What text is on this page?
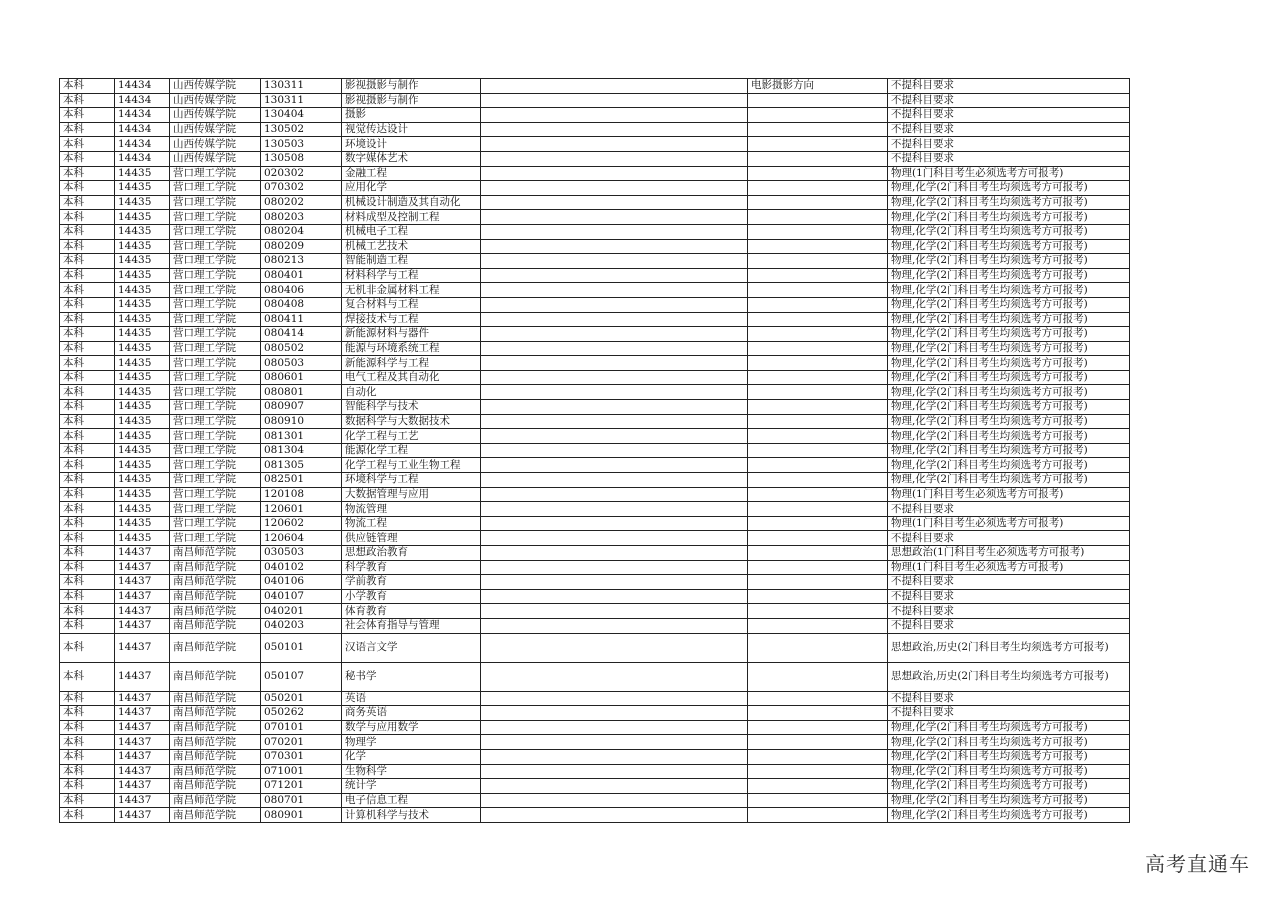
本科	14434	山西传媒学院	130311	影视摄影与制作		电影摄影方向	不提科目要求
本科	14434	山西传媒学院	130311	影视摄影与制作			不提科目要求
本科	14434	山西传媒学院	130404	摄影			不提科目要求
本科	14434	山西传媒学院	130502	视觉传达设计			不提科目要求
本科	14434	山西传媒学院	130503	环境设计			不提科目要求
本科	14434	山西传媒学院	130508	数字媒体艺术			不提科目要求
本科	14435	营口理工学院	020302	金融工程			物理(1门科目考生必须选考方可报考)
本科	14435	营口理工学院	070302	应用化学			物理,化学(2门科目考生均须选考方可报考)
本科	14435	营口理工学院	080202	机械设计制造及其自动化			物理,化学(2门科目考生均须选考方可报考)
本科	14435	营口理工学院	080203	材料成型及控制工程			物理,化学(2门科目考生均须选考方可报考)
本科	14435	营口理工学院	080204	机械电子工程			物理,化学(2门科目考生均须选考方可报考)
本科	14435	营口理工学院	080209	机械工艺技术			物理,化学(2门科目考生均须选考方可报考)
本科	14435	营口理工学院	080213	智能制造工程			物理,化学(2门科目考生均须选考方可报考)
本科	14435	营口理工学院	080401	材料科学与工程			物理,化学(2门科目考生均须选考方可报考)
本科	14435	营口理工学院	080406	无机非金属材料工程			物理,化学(2门科目考生均须选考方可报考)
本科	14435	营口理工学院	080408	复合材料与工程			物理,化学(2门科目考生均须选考方可报考)
本科	14435	营口理工学院	080411	焊接技术与工程			物理,化学(2门科目考生均须选考方可报考)
本科	14435	营口理工学院	080414	新能源材料与器件			物理,化学(2门科目考生均须选考方可报考)
本科	14435	营口理工学院	080502	能源与环境系统工程			物理,化学(2门科目考生均须选考方可报考)
本科	14435	营口理工学院	080503	新能源科学与工程			物理,化学(2门科目考生均须选考方可报考)
本科	14435	营口理工学院	080601	电气工程及其自动化			物理,化学(2门科目考生均须选考方可报考)
本科	14435	营口理工学院	080801	自动化			物理,化学(2门科目考生均须选考方可报考)
本科	14435	营口理工学院	080907	智能科学与技术			物理,化学(2门科目考生均须选考方可报考)
本科	14435	营口理工学院	080910	数据科学与大数据技术			物理,化学(2门科目考生均须选考方可报考)
本科	14435	营口理工学院	081301	化学工程与工艺			物理,化学(2门科目考生均须选考方可报考)
本科	14435	营口理工学院	081304	能源化学工程			物理,化学(2门科目考生均须选考方可报考)
本科	14435	营口理工学院	081305	化学工程与工业生物工程			物理,化学(2门科目考生均须选考方可报考)
本科	14435	营口理工学院	082501	环境科学与工程			物理,化学(2门科目考生均须选考方可报考)
本科	14435	营口理工学院	120108	大数据管理与应用			物理(1门科目考生必须选考方可报考)
本科	14435	营口理工学院	120601	物流管理			不提科目要求
本科	14435	营口理工学院	120602	物流工程			物理(1门科目考生必须选考方可报考)
本科	14435	营口理工学院	120604	供应链管理			不提科目要求
本科	14437	南昌师范学院	030503	思想政治教育			思想政治(1门科目考生必须选考方可报考)
本科	14437	南昌师范学院	040102	科学教育			物理(1门科目考生必须选考方可报考)
本科	14437	南昌师范学院	040106	学前教育			不提科目要求
本科	14437	南昌师范学院	040107	小学教育			不提科目要求
本科	14437	南昌师范学院	040201	体育教育			不提科目要求
本科	14437	南昌师范学院	040203	社会体育指导与管理			不提科目要求
本科	14437	南昌师范学院	050101	汉语言文学			思想政治,历史(2门科目考生均须选考方可报考)
本科	14437	南昌师范学院	050107	秘书学			思想政治,历史(2门科目考生均须选考方可报考)
本科	14437	南昌师范学院	050201	英语			不提科目要求
本科	14437	南昌师范学院	050262	商务英语			不提科目要求
本科	14437	南昌师范学院	070101	数学与应用数学			物理,化学(2门科目考生均须选考方可报考)
本科	14437	南昌师范学院	070201	物理学			物理,化学(2门科目考生均须选考方可报考)
本科	14437	南昌师范学院	070301	化学			物理,化学(2门科目考生均须选考方可报考)
本科	14437	南昌师范学院	071001	生物科学			物理,化学(2门科目考生均须选考方可报考)
本科	14437	南昌师范学院	071201	统计学			物理,化学(2门科目考生均须选考方可报考)
本科	14437	南昌师范学院	080701	电子信息工程			物理,化学(2门科目考生均须选考方可报考)
本科	14437	南昌师范学院	080901	计算机科学与技术			物理,化学(2门科目考生均须选考方可报考)
高考直通车
